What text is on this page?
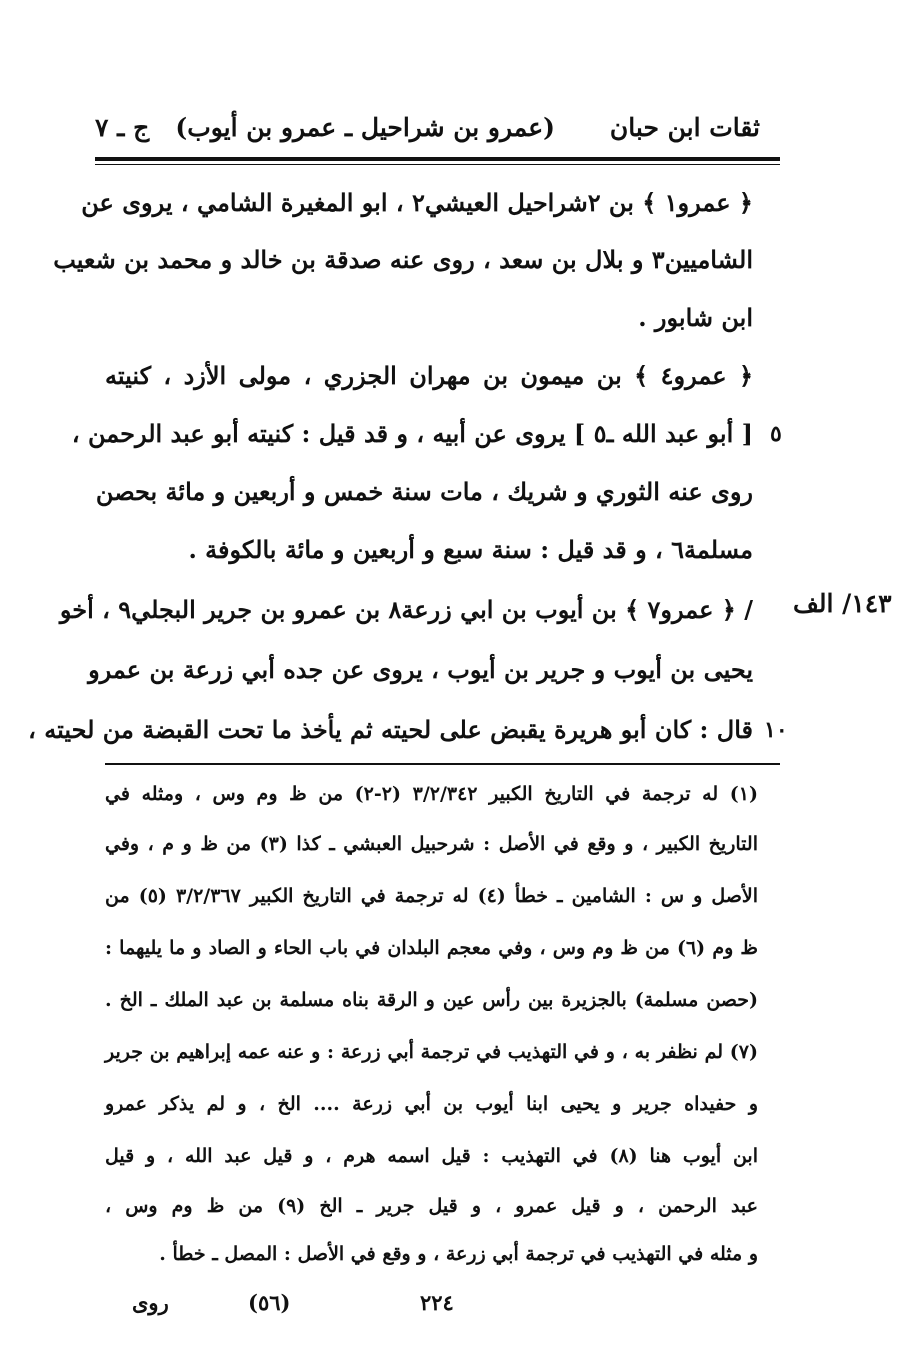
ثقات ابن حبان
(عمرو بن شراحيل ـ عمرو بن أيوب)
ج ـ ٧
﴿ عمرو١ ﴾ بن ٢شراحيل العيشي٢ ، ابو المغيرة الشامي ، يروى عن
الشاميين٣ و بلال بن سعد ، روى عنه صدقة بن خالد و محمد بن شعيب
ابن شابور .
﴿ عمرو٤ ﴾ بن ميمون بن مهران الجزري ، مولى الأزد ، كنيته
[ أبو عبد الله ـ٥ ] يروى عن أبيه ، و قد قيل : كنيته أبو عبد الرحمن ،
روى عنه الثوري و شريك ، مات سنة خمس و أربعين و مائة بحصن
مسلمة٦ ، و قد قيل : سنة سبع و أربعين و مائة بالكوفة .
/ ﴿ عمرو٧ ﴾ بن أيوب بن ابي زرعة٨ بن عمرو بن جرير البجلي٩ ، أخو
يحيى بن أيوب و جرير بن أيوب ، يروى عن جده أبي زرعة بن عمرو
قال : كان أبو هريرة يقبض على لحيته ثم يأخذ ما تحت القبضة من لحيته ،
٥
١٠
١٤٣/ الف
(١) له ترجمة في التاريخ الكبير ٣/٢/٣٤٢ (٢-٢) من ظ وم وس ، ومثله في
التاريخ الكبير ، و وقع في الأصل : شرحبيل العبشي ـ كذا (٣) من ظ و م ، وفي
الأصل و س : الشامين ـ خطأ (٤) له ترجمة في التاريخ الكبير ٣/٢/٣٦٧ (٥) من
ظ وم (٦) من ظ وم وس ، وفي معجم البلدان في باب الحاء و الصاد و ما يليهما :
(حصن مسلمة) بالجزيرة بين رأس عين و الرقة بناه مسلمة بن عبد الملك ـ الخ .
(٧) لم نظفر به ، و في التهذيب في ترجمة أبي زرعة : و عنه عمه إبراهيم بن جرير
و حفيداه جرير و يحيى ابنا أيوب بن أبي زرعة .... الخ ، و لم يذكر عمرو
ابن أيوب هنا (٨) في التهذيب : قيل اسمه هرم ، و قيل عبد الله ، و قيل
عبد الرحمن ، و قيل عمرو ، و قيل جرير ـ الخ (٩) من ظ وم وس ،
و مثله في التهذيب في ترجمة أبي زرعة ، و وقع في الأصل : المصل ـ خطأ .
روى	(٥٦)	٢٢٤
